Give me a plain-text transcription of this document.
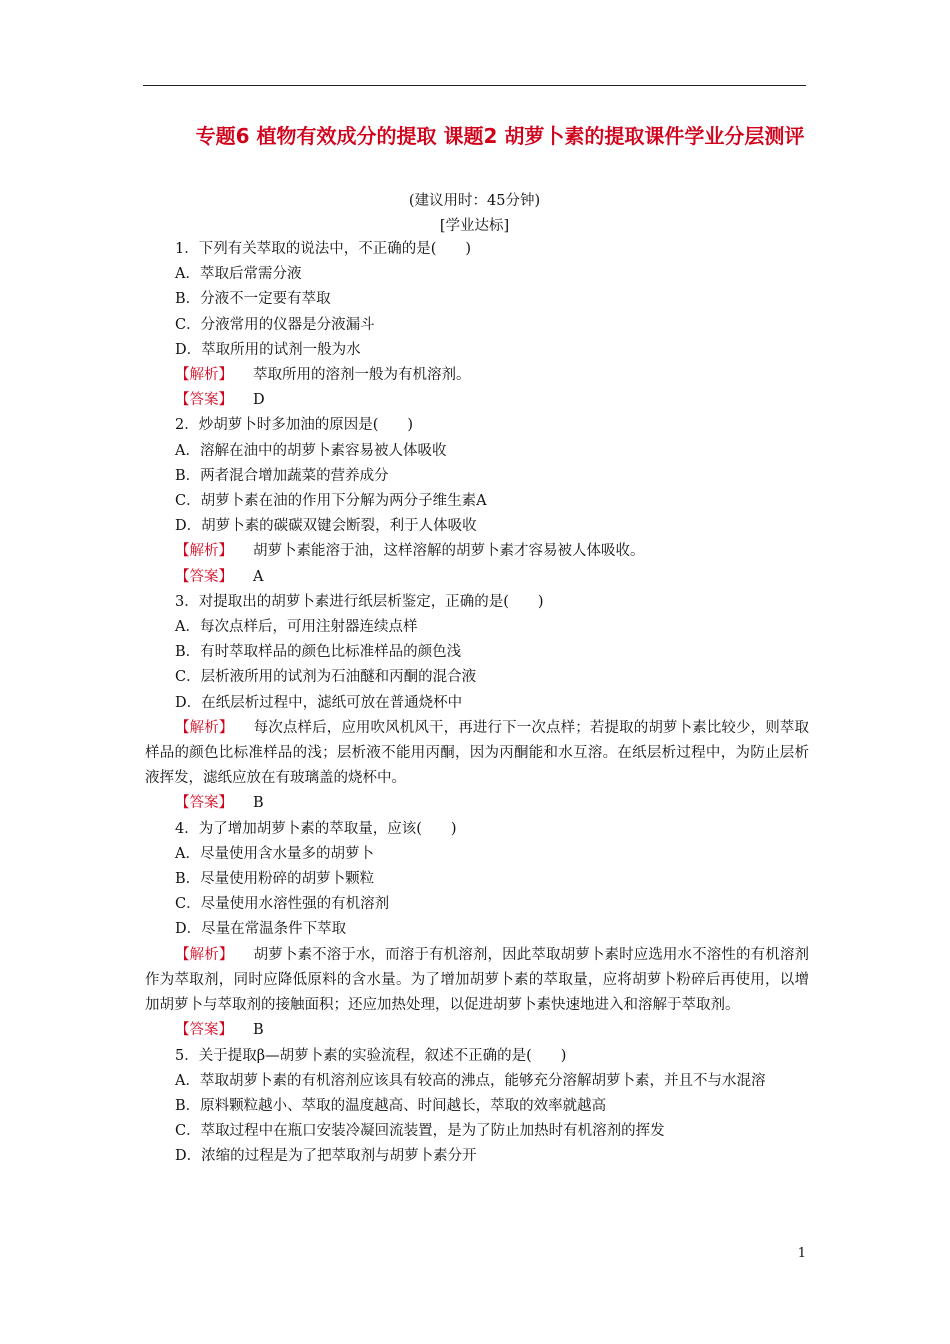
专题6 植物有效成分的提取 课题2 胡萝卜素的提取课件学业分层测评
(建议用时：45分钟)
[学业达标]
1．下列有关萃取的说法中，不正确的是(　　)
A．萃取后常需分液
B．分液不一定要有萃取
C．分液常用的仪器是分液漏斗
D．萃取所用的试剂一般为水
【解析】 萃取所用的溶剂一般为有机溶剂。
【答案】 D
2．炒胡萝卜时多加油的原因是(　　)
A．溶解在油中的胡萝卜素容易被人体吸收
B．两者混合增加蔬菜的营养成分
C．胡萝卜素在油的作用下分解为两分子维生素A
D．胡萝卜素的碳碳双键会断裂，利于人体吸收
【解析】 胡萝卜素能溶于油，这样溶解的胡萝卜素才容易被人体吸收。
【答案】 A
3．对提取出的胡萝卜素进行纸层析鉴定，正确的是(　　)
A．每次点样后，可用注射器连续点样
B．有时萃取样品的颜色比标准样品的颜色浅
C．层析液所用的试剂为石油醚和丙酮的混合液
D．在纸层析过程中，滤纸可放在普通烧杯中
【解析】 每次点样后，应用吹风机风干，再进行下一次点样；若提取的胡萝卜素比较少，则萃取样品的颜色比标准样品的浅；层析液不能用丙酮，因为丙酮能和水互溶。在纸层析过程中，为防止层析液挥发，滤纸应放在有玻璃盖的烧杯中。
【答案】 B
4．为了增加胡萝卜素的萃取量，应该(　　)
A．尽量使用含水量多的胡萝卜
B．尽量使用粉碎的胡萝卜颗粒
C．尽量使用水溶性强的有机溶剂
D．尽量在常温条件下萃取
【解析】 胡萝卜素不溶于水，而溶于有机溶剂，因此萃取胡萝卜素时应选用水不溶性的有机溶剂作为萃取剂，同时应降低原料的含水量。为了增加胡萝卜素的萃取量，应将胡萝卜粉碎后再使用，以增加胡萝卜与萃取剂的接触面积；还应加热处理，以促进胡萝卜素快速地进入和溶解于萃取剂。
【答案】 B
5．关于提取β—胡萝卜素的实验流程，叙述不正确的是(　　)
A．萃取胡萝卜素的有机溶剂应该具有较高的沸点，能够充分溶解胡萝卜素，并且不与水混溶
B．原料颗粒越小、萃取的温度越高、时间越长，萃取的效率就越高
C．萃取过程中在瓶口安装冷凝回流装置，是为了防止加热时有机溶剂的挥发
D．浓缩的过程是为了把萃取剂与胡萝卜素分开
1
